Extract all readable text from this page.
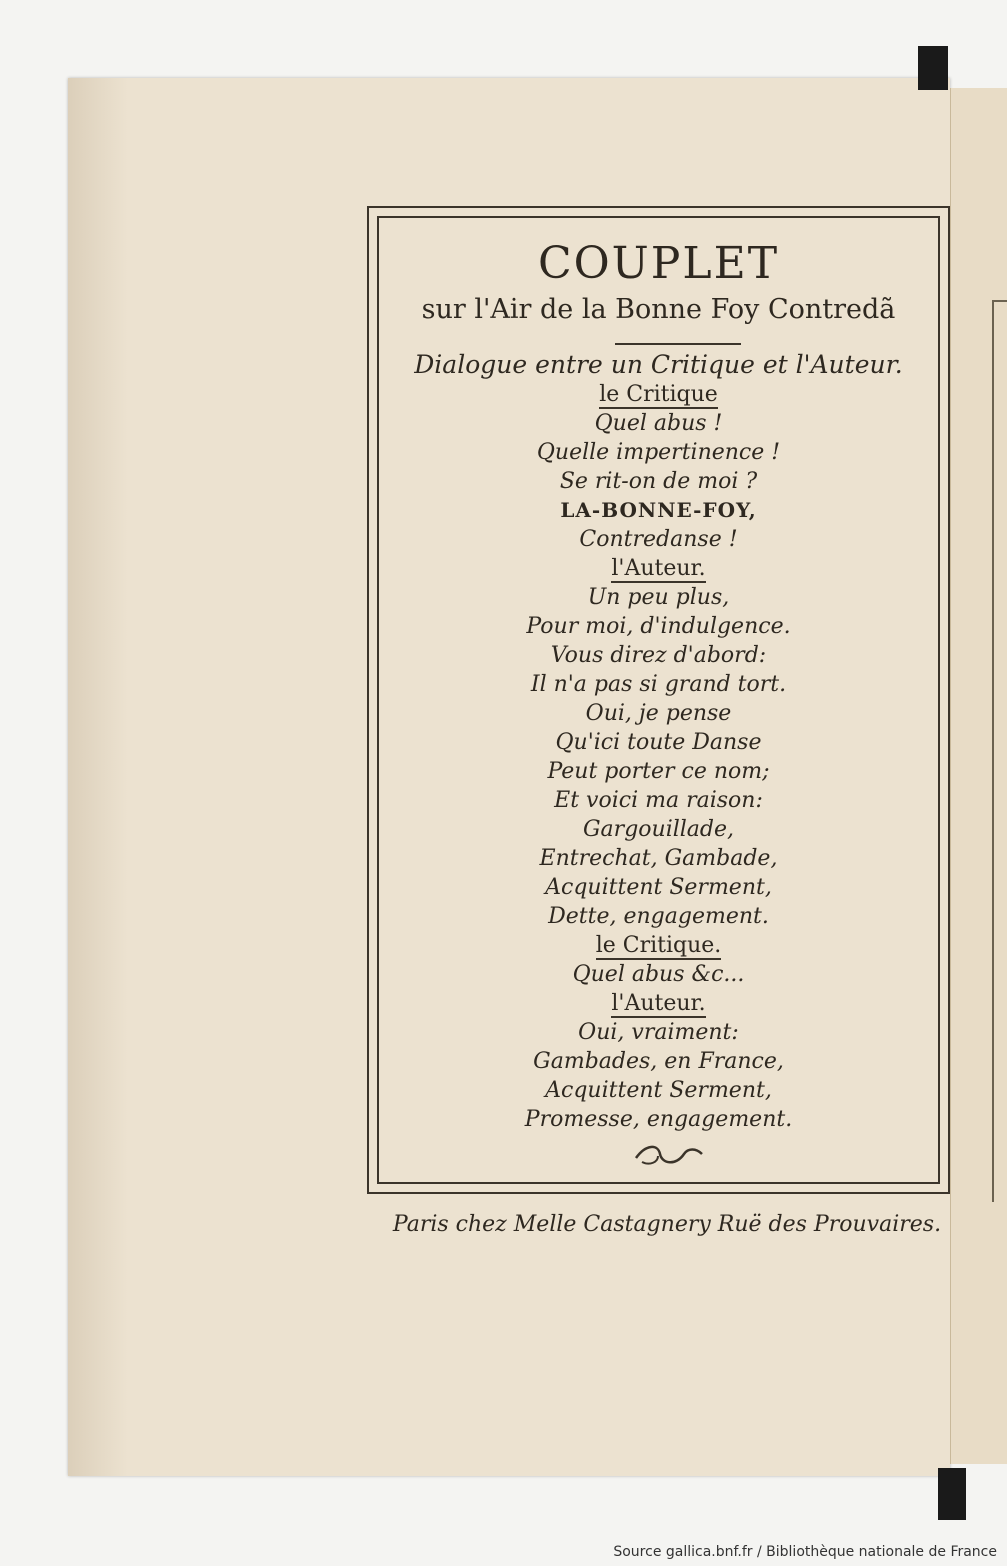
COUPLET
sur l'Air de la Bonne Foy Contredã
Dialogue entre un Critique et l'Auteur.
le Critique
Quel abus !
Quelle impertinence !
Se rit-on de moi ?
LA-BONNE-FOY,
Contredanse !
l'Auteur.
Un peu plus,
Pour moi, d'indulgence.
Vous direz d'abord:
Il n'a pas si grand tort.
Oui, je pense
Qu'ici toute Danse
Peut porter ce nom;
Et voici ma raison:
Gargouillade,
Entrechat, Gambade,
Acquittent Serment,
Dette, engagement.
le Critique.
Quel abus &c...
l'Auteur.
Oui, vraiment:
Gambades, en France,
Acquittent Serment,
Promesse, engagement.
Paris chez Melle Castagnery Ruë des Prouvaires.
Source gallica.bnf.fr / Bibliothèque nationale de France
